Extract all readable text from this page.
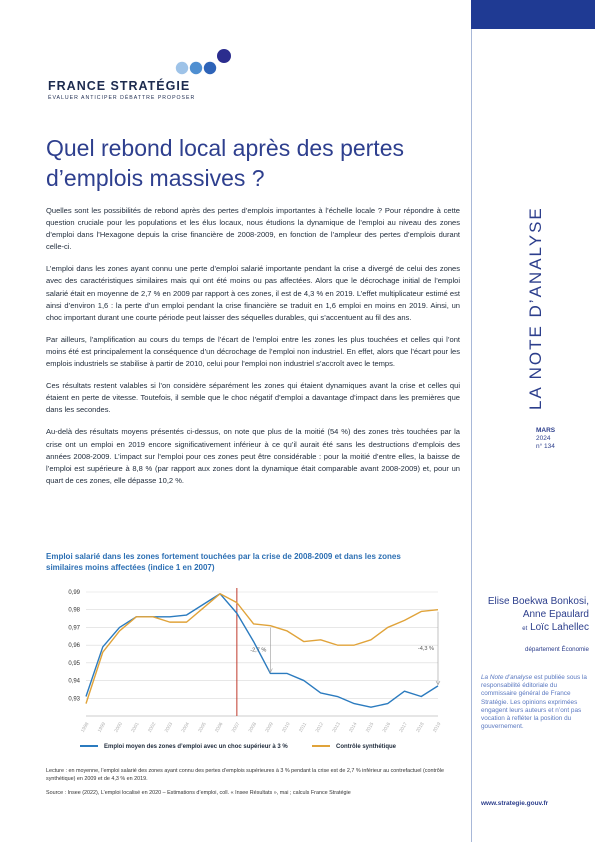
FRANCE STRATÉGIE
ÉVALUER ANTICIPER DÉBATTRE PROPOSER
Quel rebond local après des pertes d’emplois massives ?

Quelles sont les possibilités de rebond après des pertes d’emplois importantes à l’échelle locale ? Pour répondre à cette question cruciale pour les populations et les élus locaux, nous étudions la dynamique de l’emploi au niveau des zones d’emploi dans l’Hexagone depuis la crise financière de 2008-2009, en fonction de l’ampleur des pertes d’emplois durant celle-ci.

L’emploi dans les zones ayant connu une perte d’emploi salarié importante pendant la crise a divergé de celui des zones avec des caractéristiques similaires mais qui ont été moins ou pas affectées. Alors que le décrochage initial de l’emploi salarié était en moyenne de 2,7 % en 2009 par rapport à ces zones, il est de 4,3 % en 2019. L’effet multiplicateur estimé est ainsi d’environ 1,6 : la perte d’un emploi pendant la crise financière se traduit en 1,6 emploi en moins en 2019. Ainsi, un choc important durant une courte période peut laisser des séquelles durables, qui s’accentuent au fil des ans.

Par ailleurs, l’amplification au cours du temps de l’écart de l’emploi entre les zones les plus touchées et celles qui l’ont moins été est principalement la conséquence d’un décrochage de l’emploi non industriel. En effet, alors que l’écart pour les emplois industriels se stabilise à partir de 2010, celui pour l’emploi non industriel s’accroît avec le temps.

Ces résultats restent valables si l’on considère séparément les zones qui étaient dynamiques avant la crise et celles qui étaient en perte de vitesse. Toutefois, il semble que le choc négatif d’emploi a davantage d’impact dans les premières que dans les secondes.

Au-delà des résultats moyens présentés ci-dessus, on note que plus de la moitié (54 %) des zones très touchées par la crise ont un emploi en 2019 encore significativement inférieur à ce qu’il aurait été sans les destructions d’emplois des années 2008-2009. L’impact sur l’emploi pour ces zones peut être considérable : pour la moitié d’entre elles, la baisse de l’emploi est supérieure à 8,8 % (par rapport aux zones dont la dynamique était comparable avant 2008-2009) et, pour un quart de ces zones, elle dépasse 10,2 %.

Emploi salarié dans les zones fortement touchées par la crise de 2008-2009 et dans les zones similaires moins affectées (indice 1 en 2007)
0,93
0,94
0,95
0,96
0,97
0,98
0,99
1998 1999 2000 2001 2002 2003 2004 2005 2006 2007 2008 2009 2010 2011 2012 2013 2014 2015 2016 2017 2018 2019
-2,7 %	-4,3 %
Emploi moyen des zones d’emploi avec un choc supérieur à 3 %	Contrôle synthétique
Lecture : en moyenne, l’emploi salarié des zones ayant connu des pertes d’emplois supérieures à 3 % pendant la crise est de 2,7 % inférieur au contrefactuel (contrôle synthétique) en 2009 et de 4,3 % en 2019.
Source : Insee (2022), L’emploi localisé en 2020 – Estimations d’emploi, coll. « Insee Résultats », mai ; calculs France Stratégie
LA NOTE D’ANALYSE
MARS
2024
n° 134
Elise Boekwa Bonkosi,
Anne Epaulard
et Loïc Lahellec
département Économie
La Note d’analyse est publiée sous la responsabilité éditoriale du commissaire général de France Stratégie. Les opinions exprimées engagent leurs auteurs et n’ont pas vocation à refléter la position du gouvernement.
www.strategie.gouv.fr
